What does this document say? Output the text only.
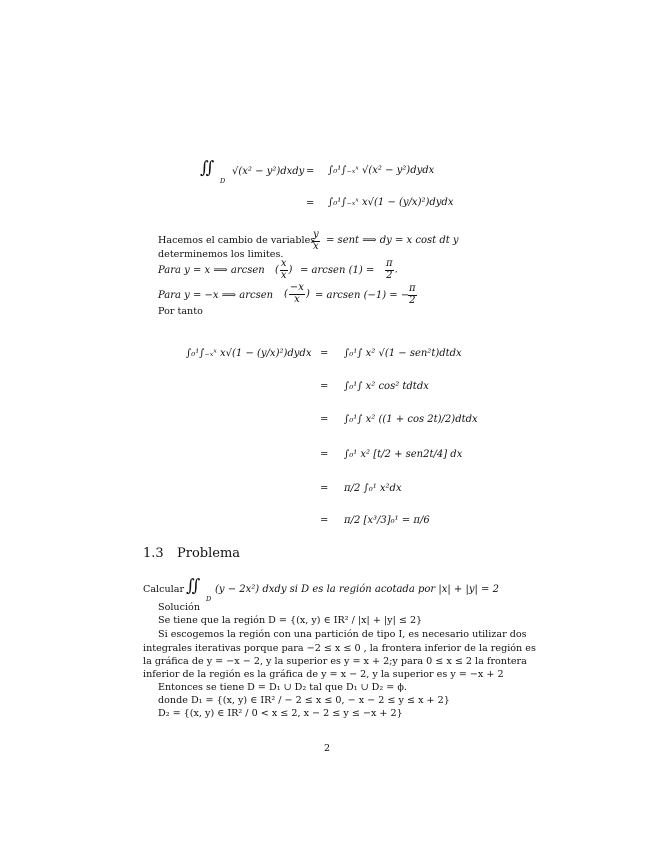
∬
D
√(x² − y²)dxdy = ∫₀¹∫₋ₓˣ √(x² − y²)dydx
= ∫₀¹∫₋ₓˣ x√(1 − (y/x)²)dydx
Hacemos el cambio de variables
$\frac{y}{x}$ = sent ⟹ dy = x cost dt y
determinemos los limites.
Para y = x ⟹ arcsen ( $\frac{x}{x}$ ) = arcsen $(1) = \frac{\pi}{2}$ .
Para y = −x ⟹ arcsen ( $\frac{-x}{x}$ ) = arcsen (−1) = −
$\frac{\pi}{2}$
Por tanto
∫₀¹∫₋ₓˣ x√(1 − (y/x)²)dydx = ∫₀¹∫ x² √(1 − sen²t)dtdx
= ∫₀¹∫ x² cos² tdtdx
= ∫₀¹∫ x² ((1 + cos 2t)/2)dtdx
= ∫₀¹ x² [t/2 + sen2t/4] dx
= π/2 ∫₀¹ x²dx
= π/2 [x³/3]₀¹ = π/6
1.3 Problema
Calcular ∬
D
(y − 2x²) dxdy si D es la región acotada por |x| + |y| = 2
Solución
Se tiene que la región D = {(x, y) ∈ IR² / |x| + |y| ≤ 2}
Si escogemos la región con una partición de tipo I, es necesario utilizar dos
integrales iterativas porque para −2 ≤ x ≤ 0 , la frontera inferior de la región es
la gráfica de y = −x − 2, y la superior es y = x + 2;y para 0 ≤ x ≤ 2 la frontera
inferior de la región es la gráfica de y = x − 2, y la superior es y = −x + 2
Entonces se tiene D = D₁ ∪ D₂ tal que D₁ ∪ D₂ = ϕ.
donde D₁ = {(x, y) ∈ IR² / − 2 ≤ x ≤ 0, − x − 2 ≤ y ≤ x + 2}
D₂ = {(x, y) ∈ IR² / 0 < x ≤ 2, x − 2 ≤ y ≤ −x + 2}
2
